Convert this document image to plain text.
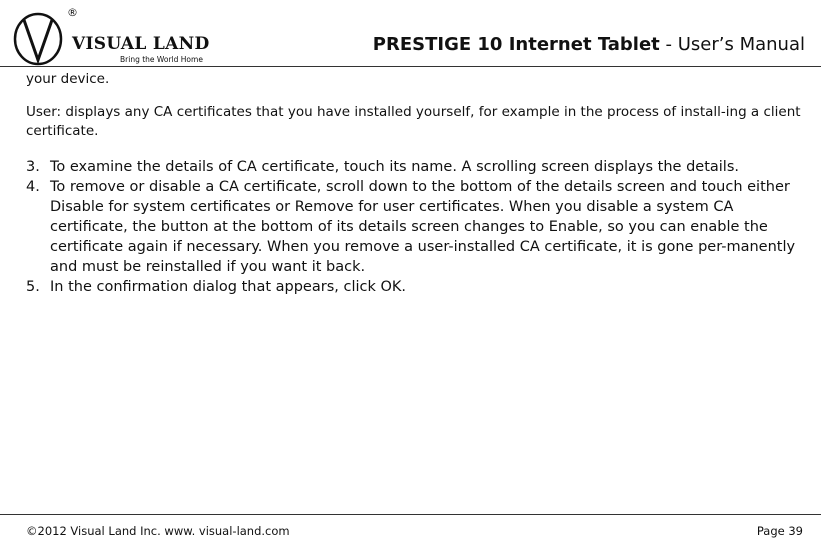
®
VISUAL LAND
Bring the World Home
PRESTIGE 10 Internet Tablet - User’s Manual

your device.

User: displays any CA certificates that you have installed yourself, for example in the process of install-ing a client certificate.

3. To examine the details of CA certificate, touch its name. A scrolling screen displays the details.
4. To remove or disable a CA certificate, scroll down to the bottom of the details screen and touch either Disable for system certificates or Remove for user certificates. When you disable a system CA certificate, the button at the bottom of its details screen changes to Enable, so you can enable the certificate again if necessary. When you remove a user-installed CA certificate, it is gone per-manently and must be reinstalled if you want it back.
5. In the confirmation dialog that appears, click OK.
©2012 Visual Land Inc. www. visual-land.com	Page 39
